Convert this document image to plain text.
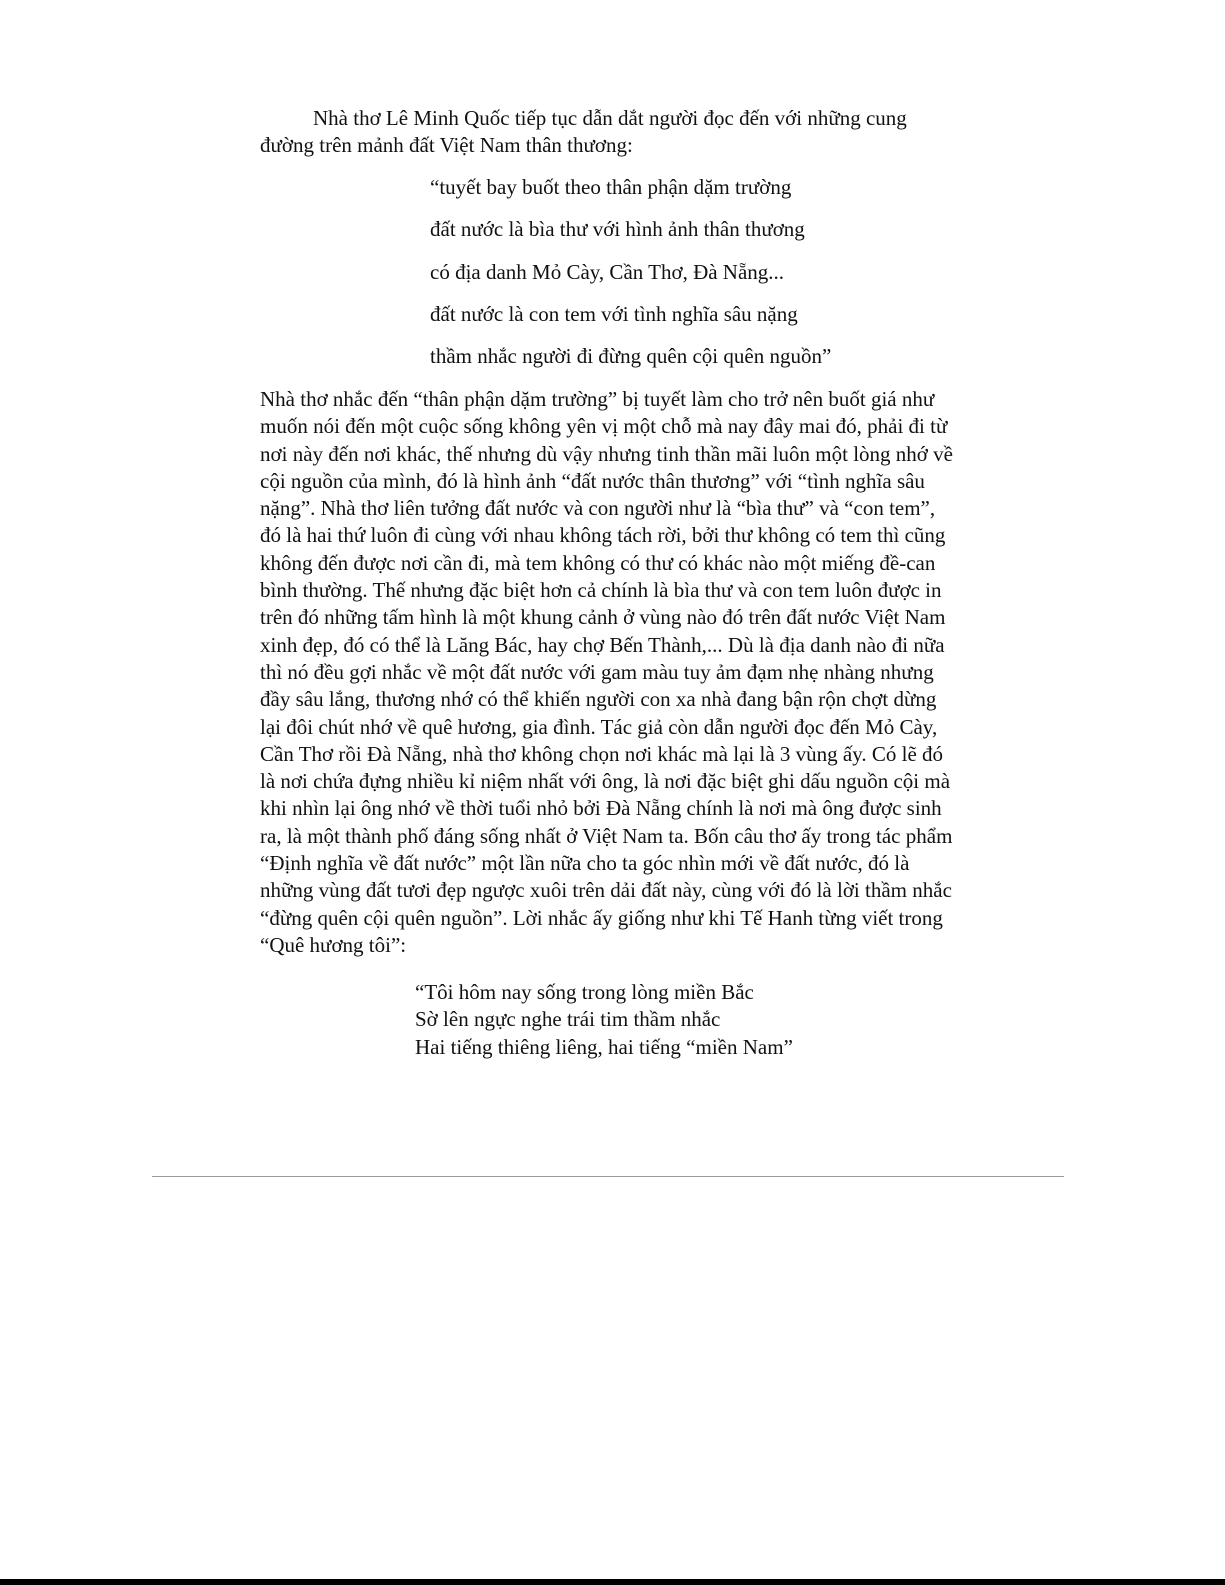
Nhà thơ Lê Minh Quốc tiếp tục dẫn dắt người đọc đến với những cung đường trên mảnh đất Việt Nam thân thương:

“tuyết bay buốt theo thân phận dặm trường
đất nước là bìa thư với hình ảnh thân thương
có địa danh Mỏ Cày, Cần Thơ, Đà Nẵng...
đất nước là con tem với tình nghĩa sâu nặng
thầm nhắc người đi đừng quên cội quên nguồn”

Nhà thơ nhắc đến “thân phận dặm trường” bị tuyết làm cho trở nên buốt giá như muốn nói đến một cuộc sống không yên vị một chỗ mà nay đây mai đó, phải đi từ nơi này đến nơi khác, thế nhưng dù vậy nhưng tinh thần mãi luôn một lòng nhớ về cội nguồn của mình, đó là hình ảnh “đất nước thân thương” với “tình nghĩa sâu nặng”. Nhà thơ liên tưởng đất nước và con người như là “bìa thư” và “con tem”, đó là hai thứ luôn đi cùng với nhau không tách rời, bởi thư không có tem thì cũng không đến được nơi cần đi, mà tem không có thư có khác nào một miếng đề-can bình thường. Thế nhưng đặc biệt hơn cả chính là bìa thư và con tem luôn được in trên đó những tấm hình là một khung cảnh ở vùng nào đó trên đất nước Việt Nam xinh đẹp, đó có thể là Lăng Bác, hay chợ Bến Thành,... Dù là địa danh nào đi nữa thì nó đều gợi nhắc về một đất nước với gam màu tuy ảm đạm nhẹ nhàng nhưng đầy sâu lắng, thương nhớ có thể khiến người con xa nhà đang bận rộn chợt dừng lại đôi chút nhớ về quê hương, gia đình. Tác giả còn dẫn người đọc đến Mỏ Cày, Cần Thơ rồi Đà Nẵng, nhà thơ không chọn nơi khác mà lại là 3 vùng ấy. Có lẽ đó là nơi chứa đựng nhiều kỉ niệm nhất với ông, là nơi đặc biệt ghi dấu nguồn cội mà khi nhìn lại ông nhớ về thời tuổi nhỏ bởi Đà Nẵng chính là nơi mà ông được sinh ra, là một thành phố đáng sống nhất ở Việt Nam ta. Bốn câu thơ ấy trong tác phẩm “Định nghĩa về đất nước” một lần nữa cho ta góc nhìn mới về đất nước, đó là những vùng đất tươi đẹp ngược xuôi trên dải đất này, cùng với đó là lời thầm nhắc “đừng quên cội quên nguồn”. Lời nhắc ấy giống như khi Tế Hanh từng viết trong “Quê hương tôi”:

“Tôi hôm nay sống trong lòng miền Bắc
Sờ lên ngực nghe trái tim thầm nhắc
Hai tiếng thiêng liêng, hai tiếng “miền Nam”
